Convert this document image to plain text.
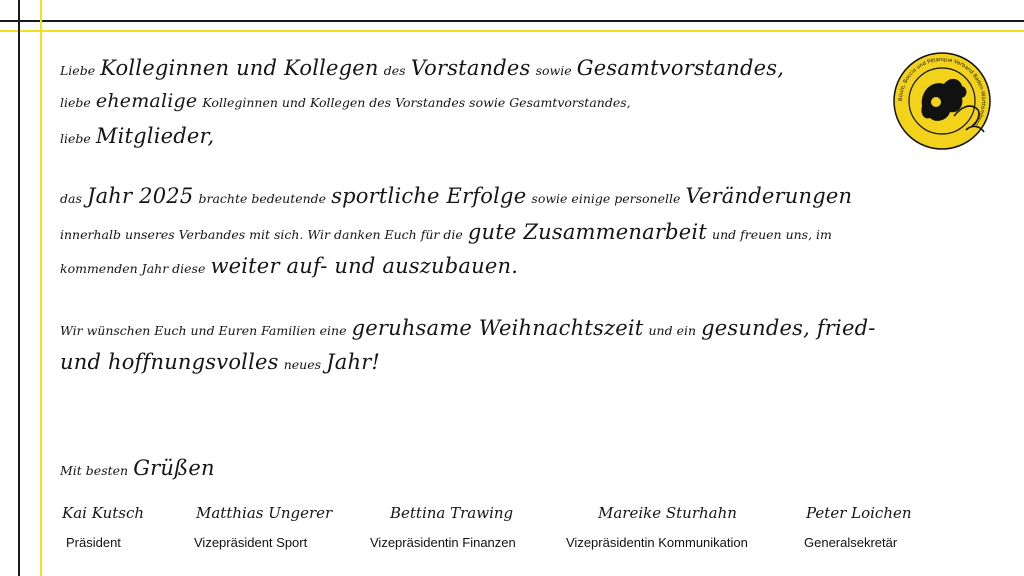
Liebe Kolleginnen und Kollegen des Vorstandes sowie Gesamtvorstandes,
liebe ehemalige Kolleginnen und Kollegen des Vorstandes sowie Gesamtvorstandes,
liebe Mitglieder,
das Jahr 2025 brachte bedeutende sportliche Erfolge sowie einige personelle Veränderungen
innerhalb unseres Verbandes mit sich. Wir danken Euch für die gute Zusammenarbeit und freuen uns, im
kommenden Jahr diese weiter auf- und auszubauen.
Wir wünschen Euch und Euren Familien eine geruhsame Weihnachtszeit und ein gesundes, fried-
und hoffnungsvolles neues Jahr!
Mit besten Grüßen
Kai Kutsch
Präsident
Matthias Ungerer
Vizepräsident Sport
Bettina Trawing
Vizepräsidentin Finanzen
Mareike Sturhahn
Vizepräsidentin Kommunikation
Peter Loichen
Generalsekretär
Boule, Boccia und Pétanque Verband Baden-Württemberg
